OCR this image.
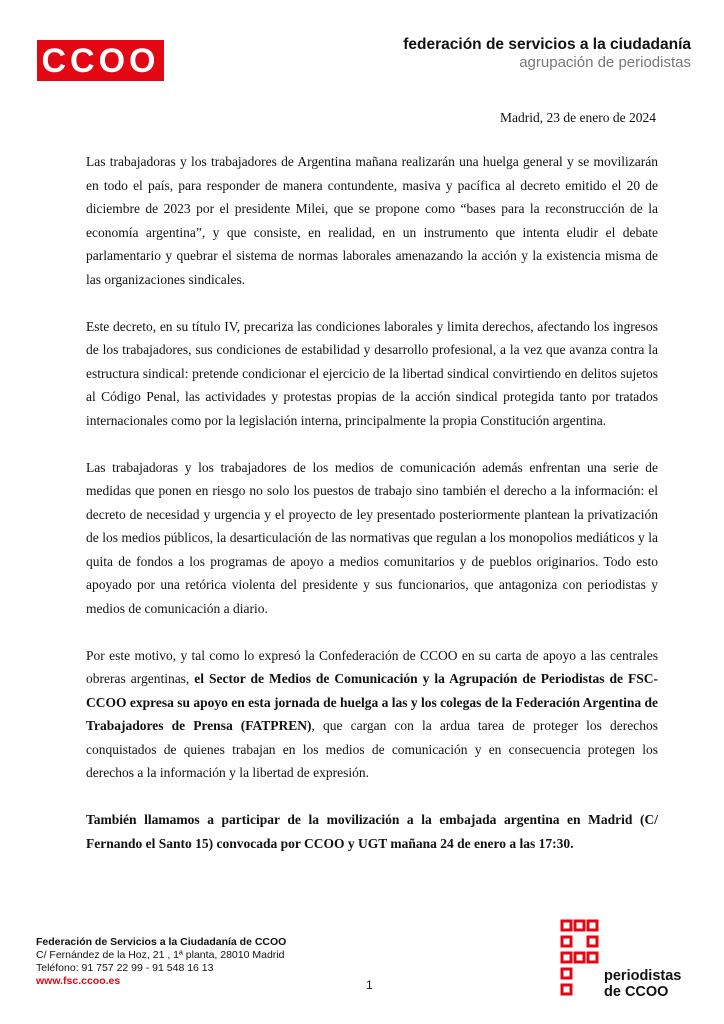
CCOO	federación de servicios a la ciudadanía
agrupación de periodistas
Madrid, 23 de enero de 2024

Las trabajadoras y los trabajadores de Argentina mañana realizarán una huelga general y se movilizarán en todo el país, para responder de manera contundente, masiva y pacífica al decreto emitido el 20 de diciembre de 2023 por el presidente Milei, que se propone como “bases para la reconstrucción de la economía argentina”, y que consiste, en realidad, en un instrumento que intenta eludir el debate parlamentario y quebrar el sistema de normas laborales amenazando la acción y la existencia misma de las organizaciones sindicales.

Este decreto, en su título IV, precariza las condiciones laborales y limita derechos, afectando los ingresos de los trabajadores, sus condiciones de estabilidad y desarrollo profesional, a la vez que avanza contra la estructura sindical: pretende condicionar el ejercicio de la libertad sindical convirtiendo en delitos sujetos al Código Penal, las actividades y protestas propias de la acción sindical protegida tanto por tratados internacionales como por la legislación interna, principalmente la propia Constitución argentina.

Las trabajadoras y los trabajadores de los medios de comunicación además enfrentan una serie de medidas que ponen en riesgo no solo los puestos de trabajo sino también el derecho a la información: el decreto de necesidad y urgencia y el proyecto de ley presentado posteriormente plantean la privatización de los medios públicos, la desarticulación de las normativas que regulan a los monopolios mediáticos y la quita de fondos a los programas de apoyo a medios comunitarios y de pueblos originarios. Todo esto apoyado por una retórica violenta del presidente y sus funcionarios, que antagoniza con periodistas y medios de comunicación a diario.

Por este motivo, y tal como lo expresó la Confederación de CCOO en su carta de apoyo a las centrales obreras argentinas, el Sector de Medios de Comunicación y la Agrupación de Periodistas de FSC-CCOO expresa su apoyo en esta jornada de huelga a las y los colegas de la Federación Argentina de Trabajadores de Prensa (FATPREN), que cargan con la ardua tarea de proteger los derechos conquistados de quienes trabajan en los medios de comunicación y en consecuencia protegen los derechos a la información y la libertad de expresión.

También llamamos a participar de la movilización a la embajada argentina en Madrid (C/ Fernando el Santo 15) convocada por CCOO y UGT mañana 24 de enero a las 17:30.

Federación de Servicios a la Ciudadanía de CCOO
C/ Fernández de la Hoz, 21 , 1ª planta, 28010 Madrid
Teléfono: 91 757 22 99 - 91 548 16 13
www.fsc.ccoo.es	1
periodistas
de CCOO
